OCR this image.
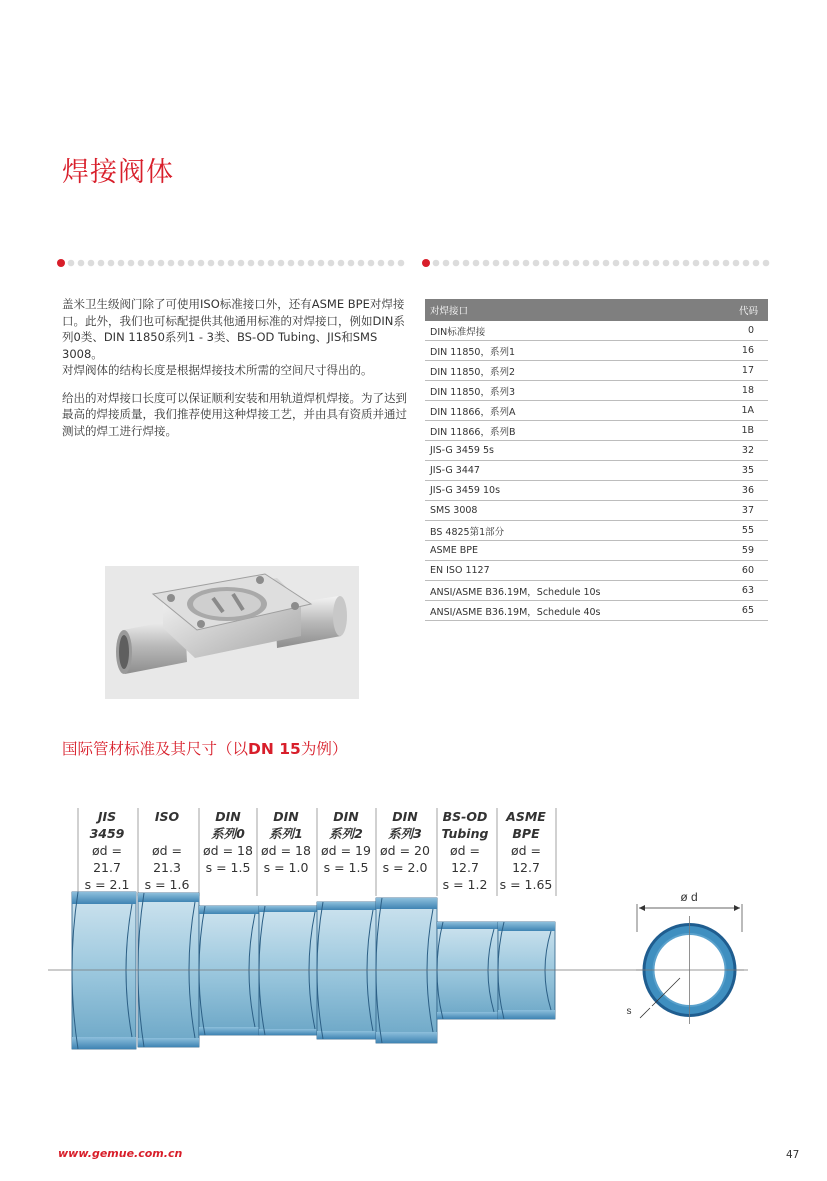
焊接阀体

盖米卫生级阀门除了可使用ISO标准接口外，还有ASME BPE对焊接口。此外，我们也可标配提供其他通用标准的对焊接口，例如DIN系列0类、DIN 11850系列1 - 3类、BS-OD Tubing、JIS和SMS 3008。

对焊阀体的结构长度是根据焊接技术所需的空间尺寸得出的。

给出的对焊接口长度可以保证顺利安装和用轨道焊机焊接。为了达到最高的焊接质量，我们推荐使用这种焊接工艺，并由具有资质并通过测试的焊工进行焊接。

对焊接口	代码
DIN标准焊接	0
DIN 11850，系列1	16
DIN 11850，系列2	17
DIN 11850，系列3	18
DIN 11866，系列A	1A
DIN 11866，系列B	1B
JIS-G 3459 5s	32
JIS-G 3447	35
JIS-G 3459 10s	36
SMS 3008	37
BS 4825第1部分	55
ASME BPE	59
EN ISO 1127	60
ANSI/ASME B36.19M，Schedule 10s	63
ANSI/ASME B36.19M，Schedule 40s	65
国际管材标准及其尺寸（以DN 15为例）
ø d
s
JIS
3459
ød = 21.7
s = 2.1
ISO
ød = 21.3
s = 1.6
DIN
系列0
ød = 18
s = 1.5
DIN
系列1
ød = 18
s = 1.0
DIN
系列2
ød = 19
s = 1.5
DIN
系列3
ød = 20
s = 2.0
BS-OD
Tubing
ød = 12.7
s = 1.2
ASME
BPE
ød = 12.7
s = 1.65
www.gemue.com.cn	47
